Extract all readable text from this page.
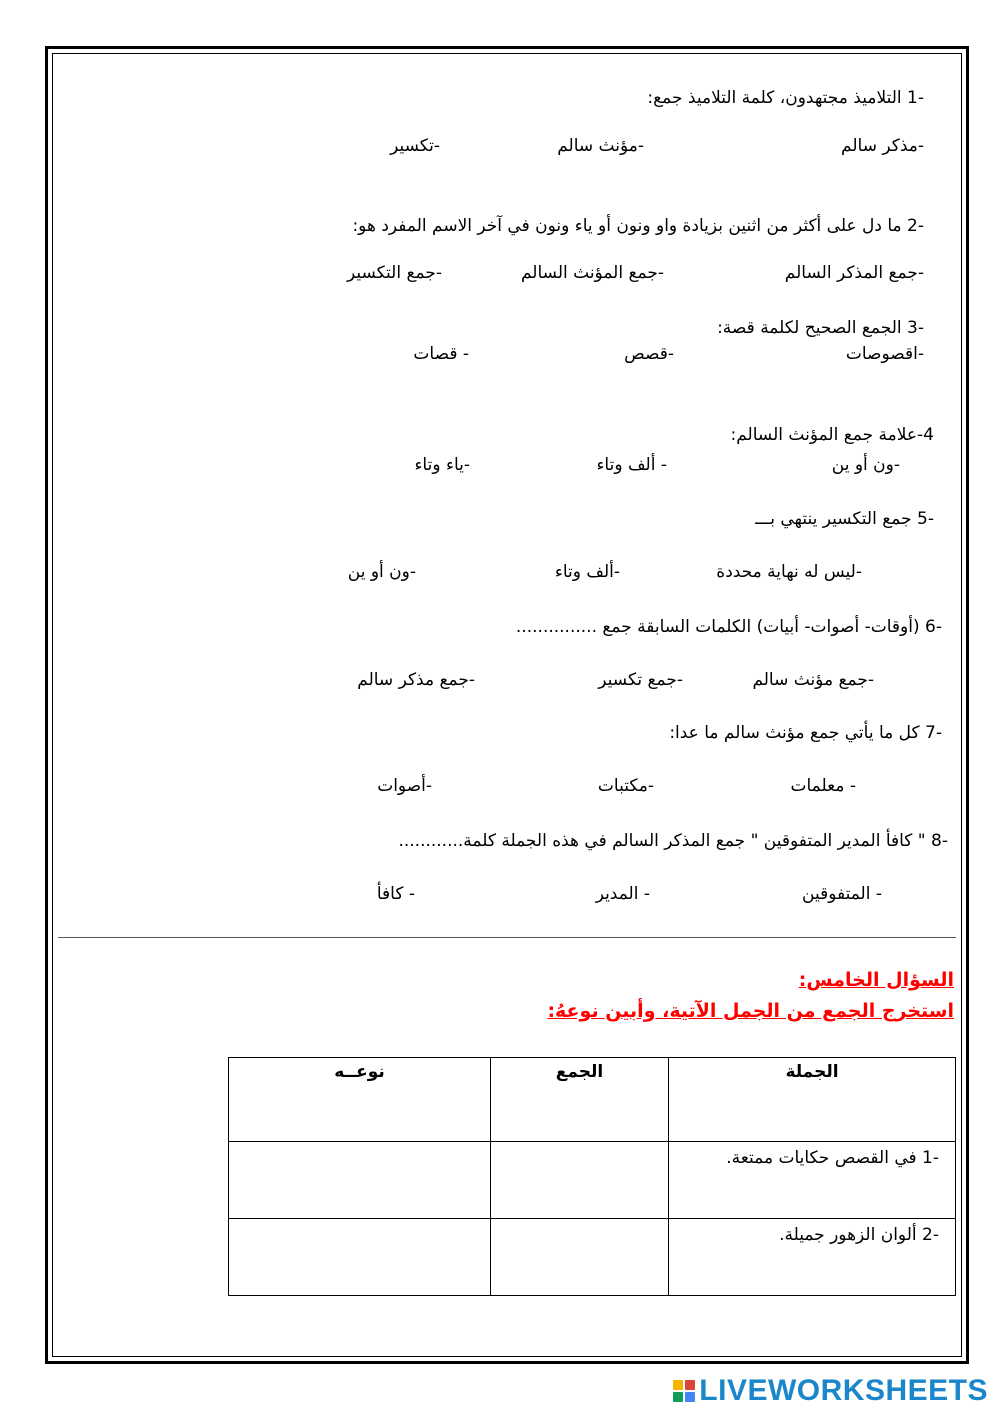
-1 التلاميذ مجتهدون، كلمة التلاميذ جمع:
-مذكر سالم
-مؤنث سالم
-تكسير
-2 ما دل على أكثر من اثنين بزيادة واو ونون أو ياء ونون في آخر الاسم المفرد هو:
-جمع المذكر السالم
-جمع المؤنث السالم
-جمع التكسير
-3 الجمع الصحيح لكلمة قصة:
-اقصوصات
-قصص
- قصات
4-علامة جمع المؤنث السالم:
-ون أو ين
- ألف وتاء
-ياء وتاء
-5 جمع التكسير ينتهي بـــ
-ليس له نهاية محددة
-ألف وتاء
-ون أو ين
-6 (أوقات- أصوات- أبيات) الكلمات السابقة جمع ...............
-جمع مؤنث سالم
-جمع تكسير
-جمع مذكر سالم
-7 كل ما يأتي جمع مؤنث سالم ما عدا:
- معلمات
-مكتبات
-أصوات
-8 " كافأ المدير المتفوقين " جمع المذكر السالم في هذه الجملة كلمة............
- المتفوقين
- المدير
- كافأ
السؤال الخامس:
استخرج الجمع من الجمل الآتية، وأبين نوعهُ:
الجملة	الجمع	نوعــه
-1 في القصص حكايات ممتعة.		
-2 ألوان الزهور جميلة.		
LIVEWORKSHEETS
